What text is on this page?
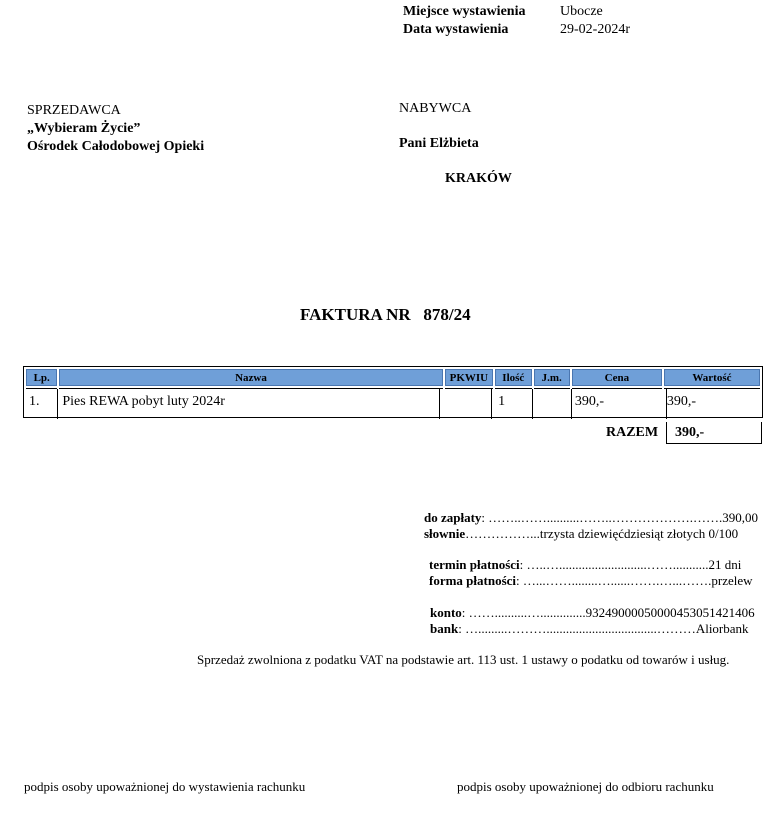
Miejsce wystawienia	Ubocze
Data wystawienia	29-02-2024r
SPRZEDAWCA
„Wybieram Życie”
Ośrodek Całodobowej Opieki
NABYWCA
Pani Elżbieta
KRAKÓW
FAKTURA NR   878/24
Lp.	Nazwa	PKWIU	Ilość	J.m.	Cena	Wartość
1.	Pies REWA pobyt luty 2024r		1		390,-	390,-
RAZEM	390,-
do zapłaty: ……..……..........……..……………….…….390,00
słownie……………...trzysta dziewięćdziesiąt złotych 0/100
termin płatności: …..…...........................……...........21 dni
forma płatności: …...……........…......…….…...…….przelew
konto: ……..........…..............93249000050000453051421406
bank: ….........………..................................………Aliorbank
Sprzedaż zwolniona z podatku VAT na podstawie art. 113 ust. 1 ustawy o podatku od towarów i usług.
podpis osoby upoważnionej do wystawienia rachunku	podpis osoby upoważnionej do odbioru rachunku
